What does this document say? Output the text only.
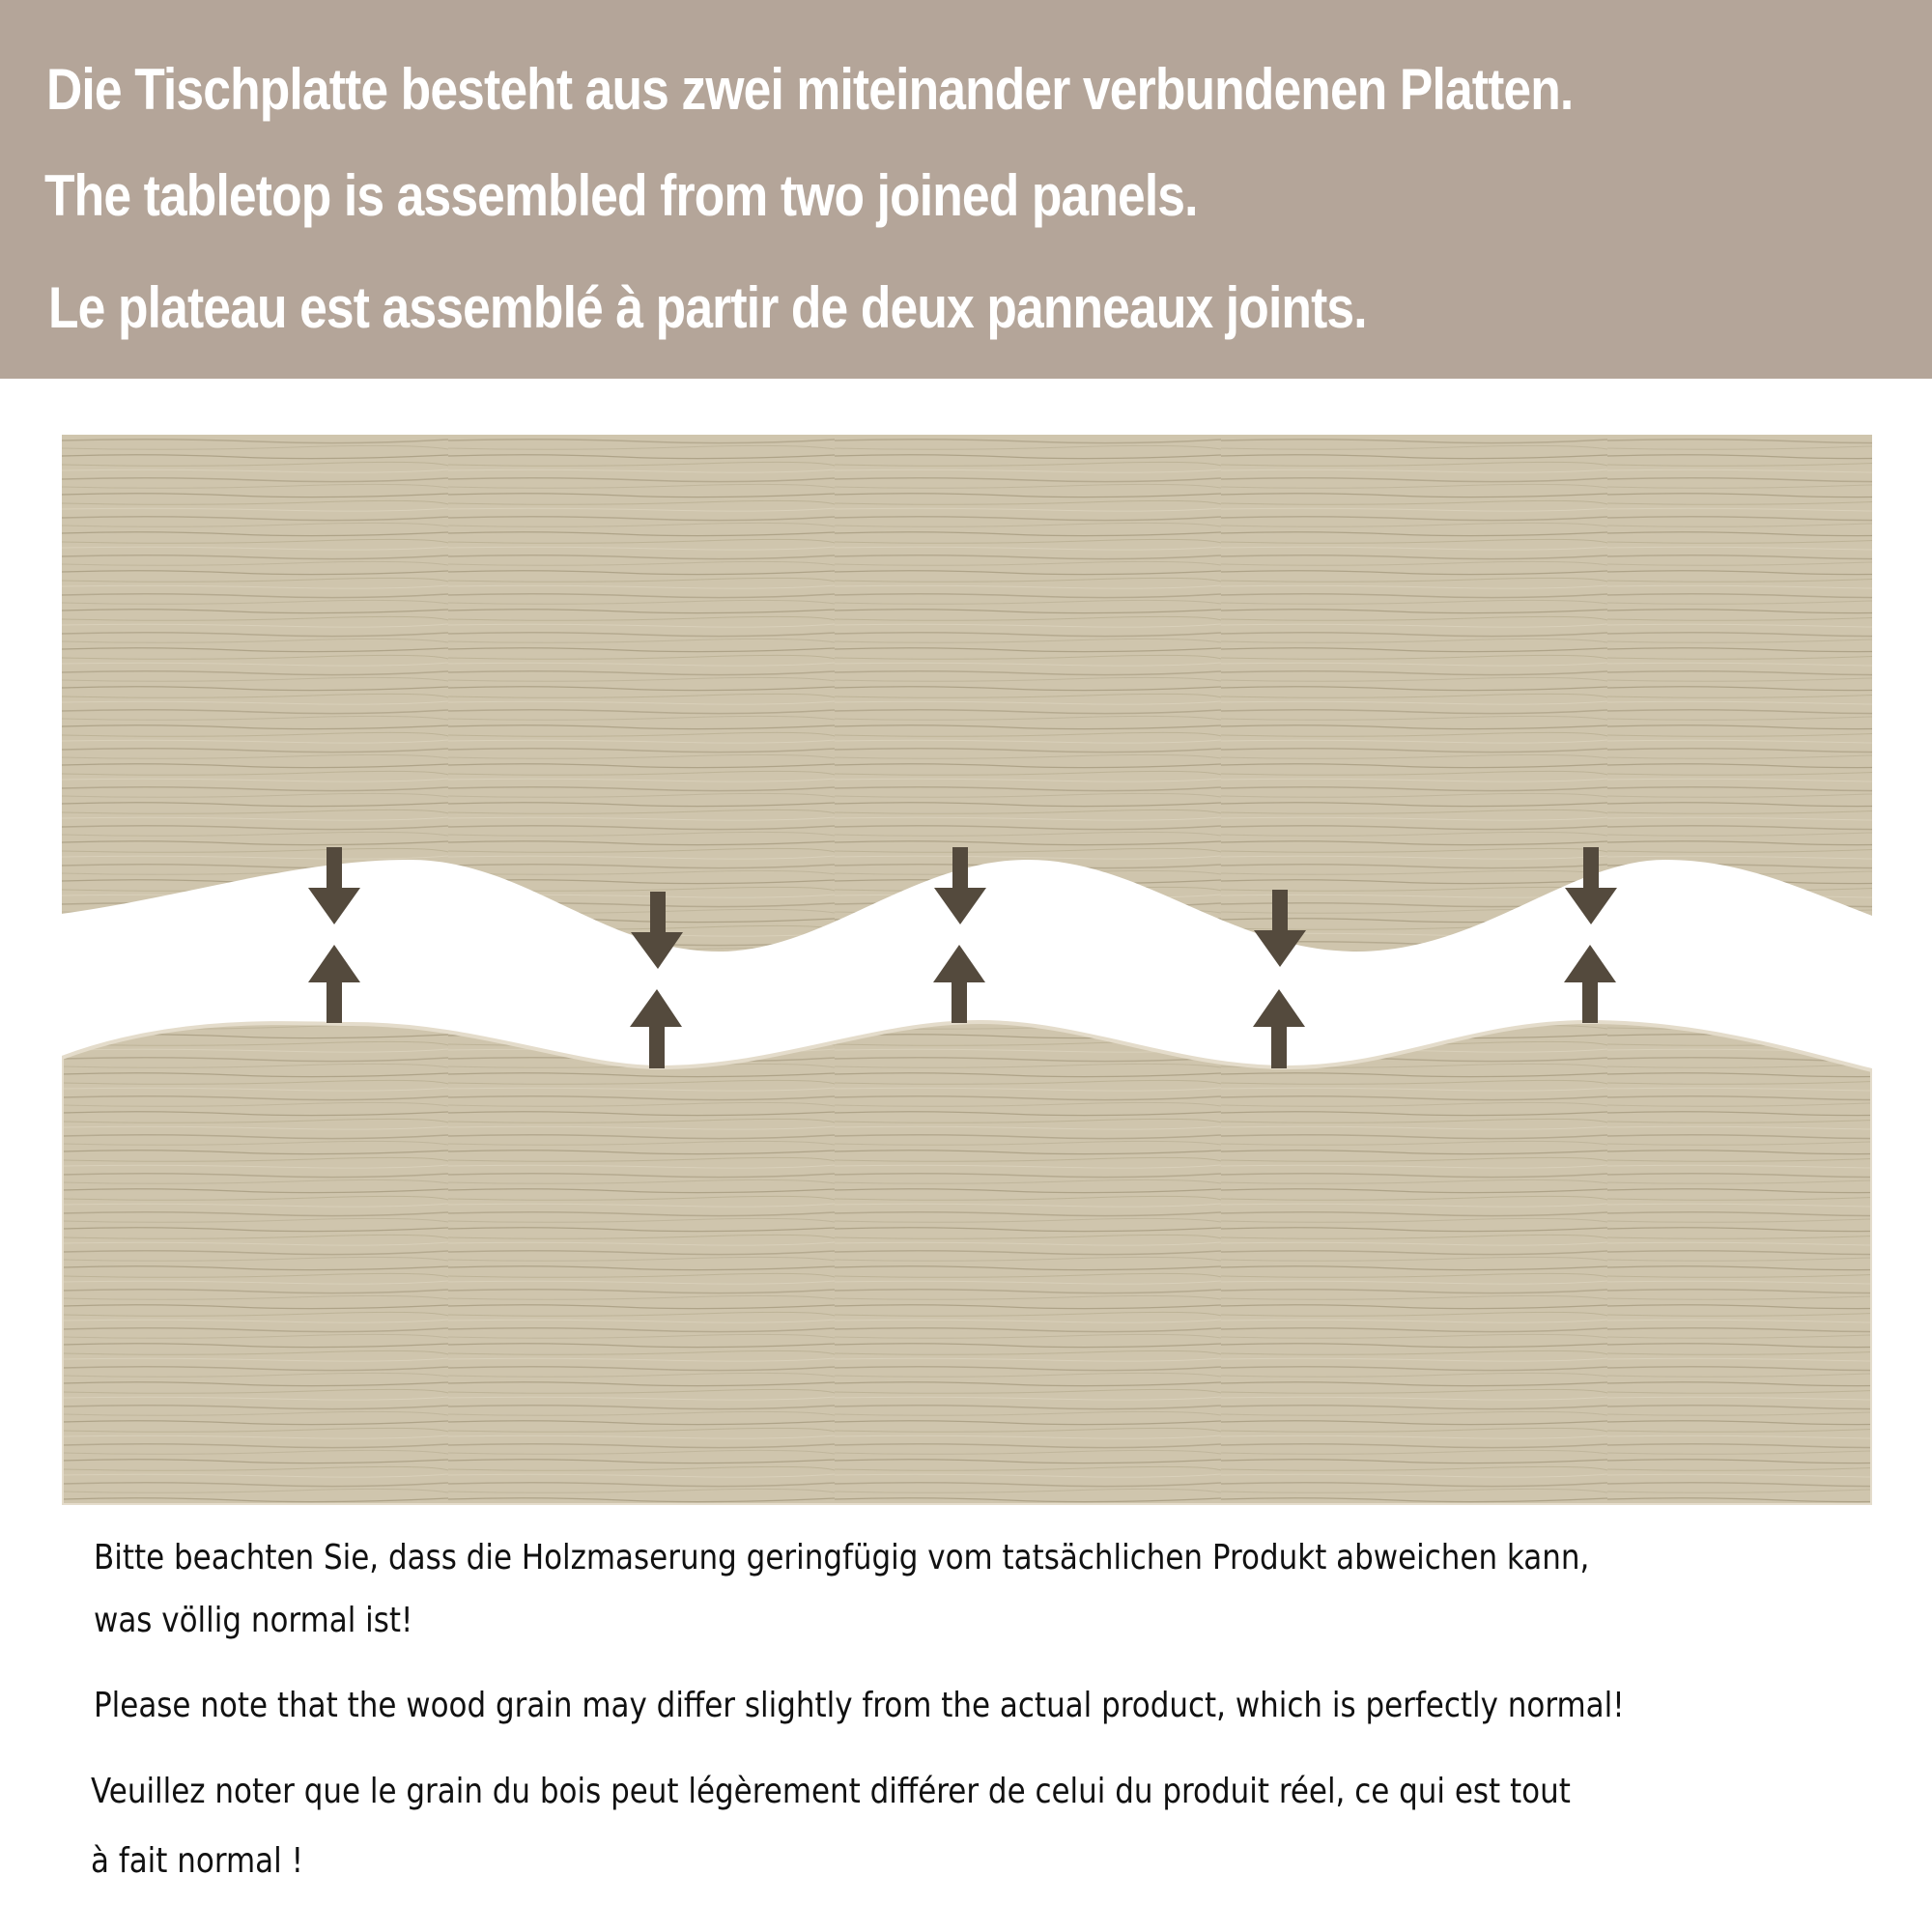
Die Tischplatte besteht aus zwei miteinander verbundenen Platten.
The tabletop is assembled from two joined panels.
Le plateau est assemblé à partir de deux panneaux joints.
Bitte beachten Sie, dass die Holzmaserung geringfügig vom tatsächlichen Produkt abweichen kann,
was völlig normal ist!
Please note that the wood grain may differ slightly from the actual product, which is perfectly normal!
Veuillez noter que le grain du bois peut légèrement différer de celui du produit réel, ce qui est tout
à fait normal !
